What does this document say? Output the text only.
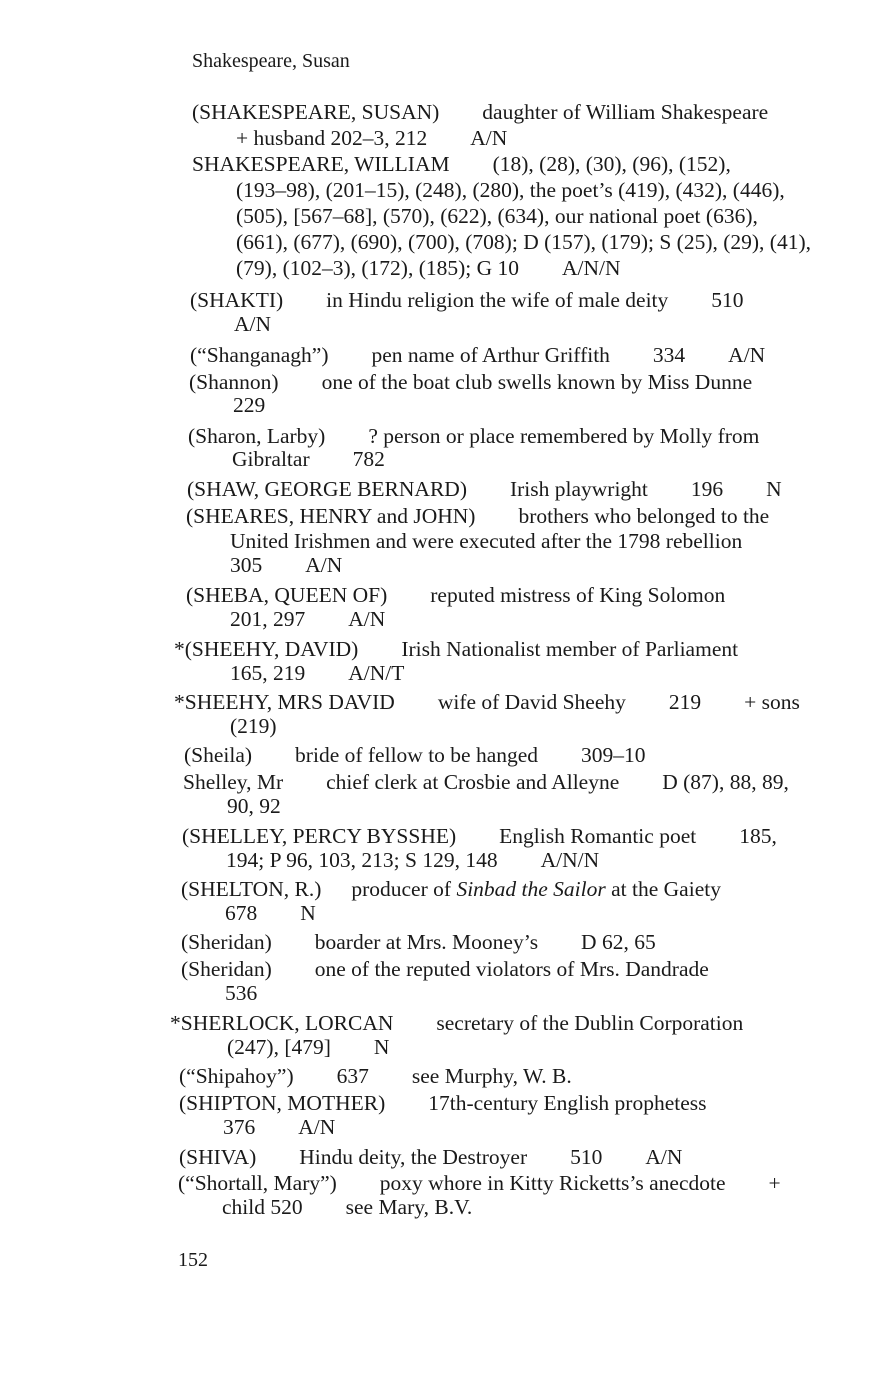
Shakespeare, Susan
(SHAKESPEARE, SUSAN)  daughter of William Shakespeare
+ husband 202–3, 212  A/N
SHAKESPEARE, WILLIAM  (18), (28), (30), (96), (152),
(193–98), (201–15), (248), (280), the poet’s (419), (432), (446),
(505), [567–68], (570), (622), (634), our national poet (636),
(661), (677), (690), (700), (708); D (157), (179); S (25), (29), (41),
(79), (102–3), (172), (185); G 10  A/N/N
(SHAKTI)  in Hindu religion the wife of male deity  510
A/N
(“Shanganagh”)  pen name of Arthur Griffith  334  A/N
(Shannon)  one of the boat club swells known by Miss Dunne
229
(Sharon, Larby)  ? person or place remembered by Molly from
Gibraltar  782
(SHAW, GEORGE BERNARD)  Irish playwright  196  N
(SHEARES, HENRY and JOHN)  brothers who belonged to the
United Irishmen and were executed after the 1798 rebellion
305  A/N
(SHEBA, QUEEN OF)  reputed mistress of King Solomon
201, 297  A/N
*(SHEEHY, DAVID)  Irish Nationalist member of Parliament
165, 219  A/N/T
*SHEEHY, MRS DAVID  wife of David Sheehy  219  + sons
(219)
(Sheila)  bride of fellow to be hanged  309–10
Shelley, Mr  chief clerk at Crosbie and Alleyne  D (87), 88, 89,
90, 92
(SHELLEY, PERCY BYSSHE)  English Romantic poet  185,
194; P 96, 103, 213; S 129, 148  A/N/N
(SHELTON, R.) producer of Sinbad the Sailor at the Gaiety
678  N
(Sheridan)  boarder at Mrs. Mooney’s  D 62, 65
(Sheridan)  one of the reputed violators of Mrs. Dandrade
536
*SHERLOCK, LORCAN  secretary of the Dublin Corporation
(247), [479]  N
(“Shipahoy”)  637  see Murphy, W. B.
(SHIPTON, MOTHER)  17th-century English prophetess
376  A/N
(SHIVA)  Hindu deity, the Destroyer  510  A/N
(“Shortall, Mary”)  poxy whore in Kitty Ricketts’s anecdote  +
child 520  see Mary, B.V.
152
